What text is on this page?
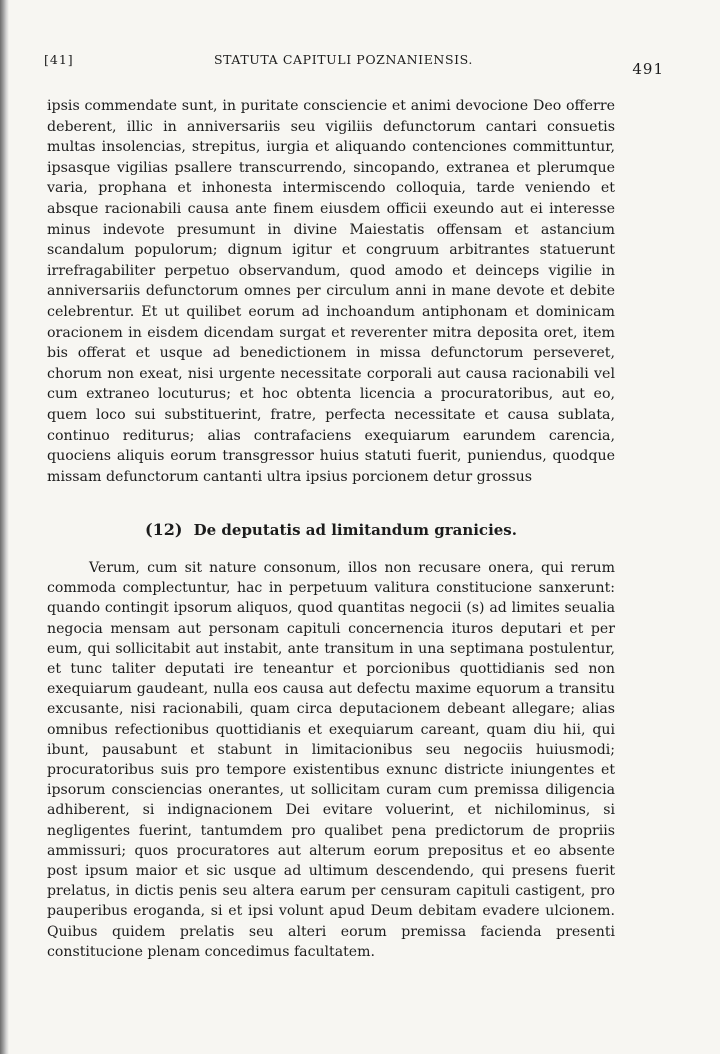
[41]	STATUTA CAPITULI POZNANIENSIS.
491

ipsis commendate sunt, in puritate consciencie et animi devocione Deo offerre deberent, illic in anniversariis seu vigiliis defunctorum cantari consuetis multas insolencias, strepitus, iurgia et aliquando contenciones committuntur, ipsasque vigilias psallere transcurrendo, sincopando, extranea et plerumque varia, prophana et inhonesta intermiscendo colloquia, tarde veniendo et absque racionabili causa ante finem eiusdem officii exeundo aut ei interesse minus indevote presumunt in divine Maiestatis offensam et astancium scandalum populorum; dignum igitur et congruum arbitrantes statuerunt irrefragabiliter perpetuo observandum, quod amodo et deinceps vigilie in anniversariis defunctorum omnes per circulum anni in mane devote et debite celebrentur. Et ut quilibet eorum ad inchoandum antiphonam et dominicam oracionem in eisdem dicendam surgat et reverenter mitra deposita oret, item bis offerat et usque ad benedictionem in missa defunctorum perseveret, chorum non exeat, nisi urgente necessitate corporali aut causa racionabili vel cum extraneo locuturus; et hoc obtenta licencia a procuratoribus, aut eo, quem loco sui substituerint, fratre, perfecta necessitate et causa sublata, continuo rediturus; alias contrafaciens exequiarum earundem carencia, quociens aliquis eorum transgressor huius statuti fuerit, puniendus, quodque missam defunctorum cantanti ultra ipsius porcionem detur grossus

(12) De deputatis ad limitandum granicies.

Verum, cum sit nature consonum, illos non recusare onera, qui rerum commoda complectuntur, hac in perpetuum valitura constitucione sanxerunt: quando contingit ipsorum aliquos, quod quantitas negocii (s) ad limites seualia negocia mensam aut personam capituli concernencia ituros deputari et per eum, qui sollicitabit aut instabit, ante transitum in una septimana postulentur, et tunc taliter deputati ire teneantur et porcionibus quottidianis sed non exequiarum gaudeant, nulla eos causa aut defectu maxime equorum a transitu excusante, nisi racionabili, quam circa deputacionem debeant allegare; alias omnibus refectionibus quottidianis et exequiarum careant, quam diu hii, qui ibunt, pausabunt et stabunt in limitacionibus seu negociis huiusmodi; procuratoribus suis pro tempore existentibus exnunc districte iniungentes et ipsorum consciencias onerantes, ut sollicitam curam cum premissa diligencia adhiberent, si indignacionem Dei evitare voluerint, et nichilominus, si negligentes fuerint, tantumdem pro qualibet pena predictorum de propriis ammissuri; quos procuratores aut alterum eorum prepositus et eo absente post ipsum maior et sic usque ad ultimum descendendo, qui presens fuerit prelatus, in dictis penis seu altera earum per censuram capituli castigent, pro pauperibus eroganda, si et ipsi volunt apud Deum debitam evadere ulcionem. Quibus quidem prelatis seu alteri eorum premissa facienda presenti constitucione plenam concedimus facultatem.
